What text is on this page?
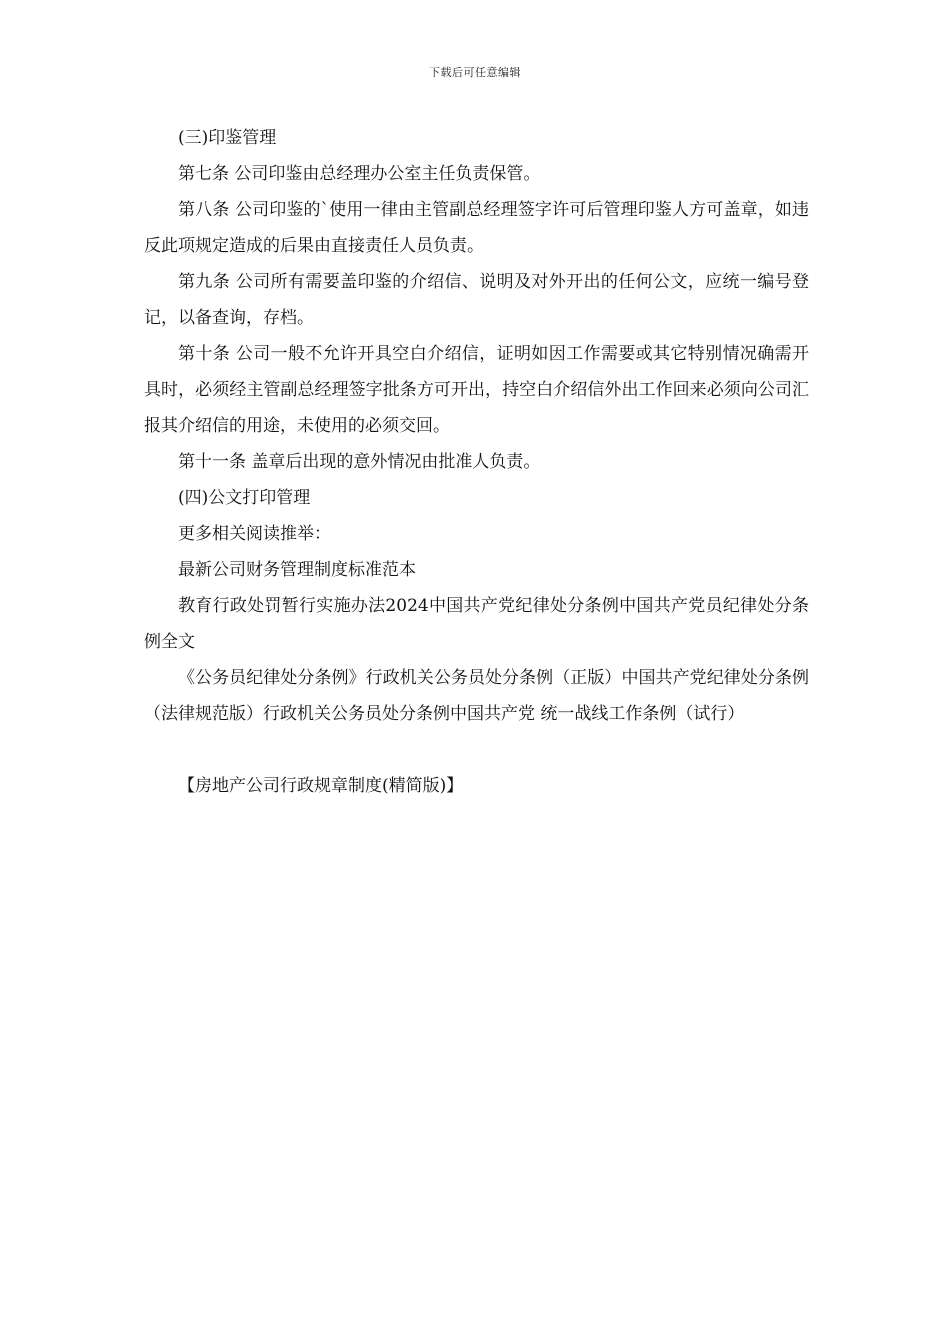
下载后可任意编辑

(三)印鉴管理

第七条 公司印鉴由总经理办公室主任负责保管。

第八条 公司印鉴的`使用一律由主管副总经理签字许可后管理印鉴人方可盖章，如违反此项规定造成的后果由直接责任人员负责。

第九条 公司所有需要盖印鉴的介绍信、说明及对外开出的任何公文，应统一编号登记，以备查询，存档。

第十条 公司一般不允许开具空白介绍信，证明如因工作需要或其它特别情况确需开具时，必须经主管副总经理签字批条方可开出，持空白介绍信外出工作回来必须向公司汇报其介绍信的用途，未使用的必须交回。

第十一条 盖章后出现的意外情况由批准人负责。

(四)公文打印管理

更多相关阅读推举：

最新公司财务管理制度标准范本

教育行政处罚暂行实施办法2024中国共产党纪律处分条例中国共产党员纪律处分条例全文

《公务员纪律处分条例》行政机关公务员处分条例（正版）中国共产党纪律处分条例（法律规范版）行政机关公务员处分条例中国共产党 统一战线工作条例（试行）

【房地产公司行政规章制度(精简版)】
